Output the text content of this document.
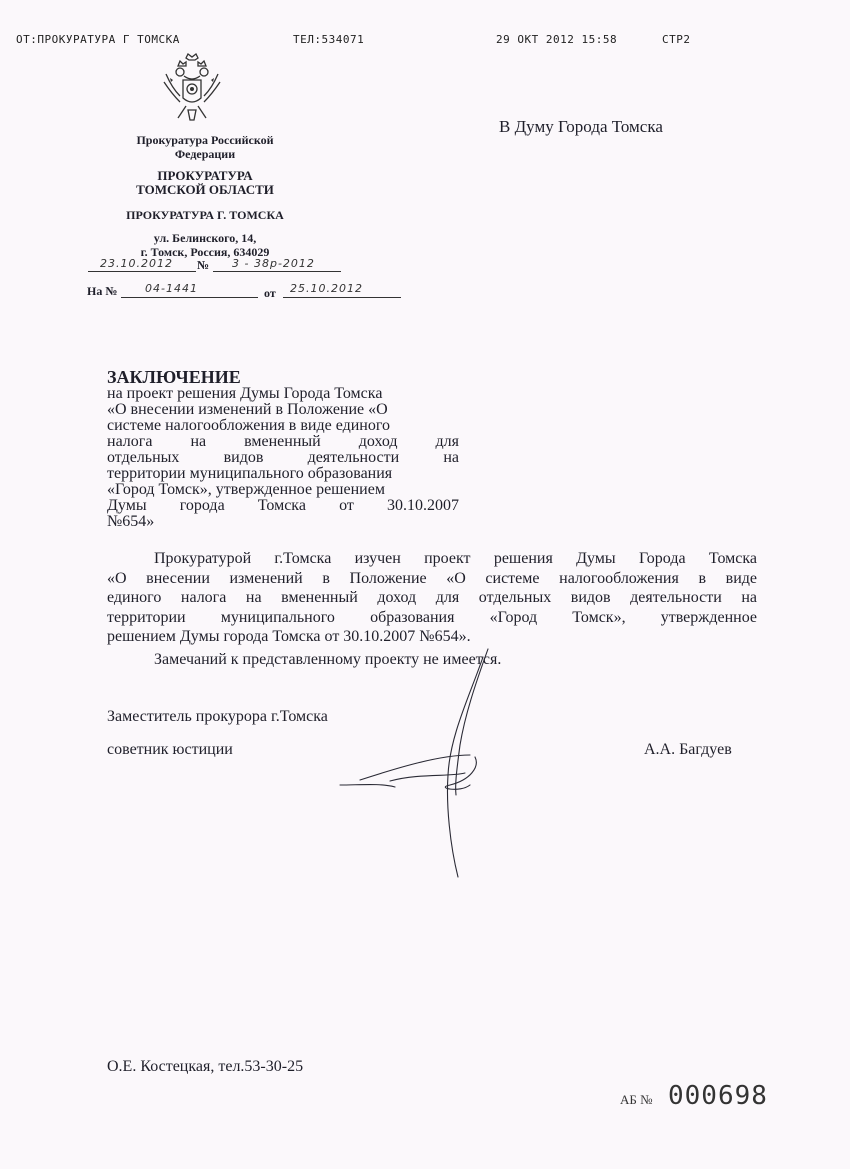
ОТ:ПРОКУРАТУРА Г ТОМСКА	ТЕЛ:534071	29 ОКТ 2012 15:58	СТР2
Прокуратура Российской
Федерации
ПРОКУРАТУРА
ТОМСКОЙ ОБЛАСТИ
ПРОКУРАТУРА Г. ТОМСКА
ул. Белинского, 14,
г. Томск, Россия, 634029
23.10.2012 № 3 - 38р-2012
На №	04-1441	от 25.10.2012
В Думу Города Томска
ЗАКЛЮЧЕНИЕ
на проект решения Думы Города Томска
«О внесении изменений в Положение «О
системе налогообложения в виде единого
налога на вмененный доход для
отдельных видов деятельности на
территории муниципального образования
«Город Томск», утвержденное решением
Думы города Томска от 30.10.2007
№654»
Прокуратурой г.Томска изучен проект решения Думы Города Томска
«О внесении изменений в Положение «О системе налогообложения в виде
единого налога на вмененный доход для отдельных видов деятельности на
территории муниципального образования «Город Томск», утвержденное
решением Думы города Томска от 30.10.2007 №654».
Замечаний к представленному проекту не имеется.
Заместитель прокурора г.Томска
советник юстиции	А.А. Багдуев
О.Е. Костецкая, тел.53-30-25
АБ № 000698
